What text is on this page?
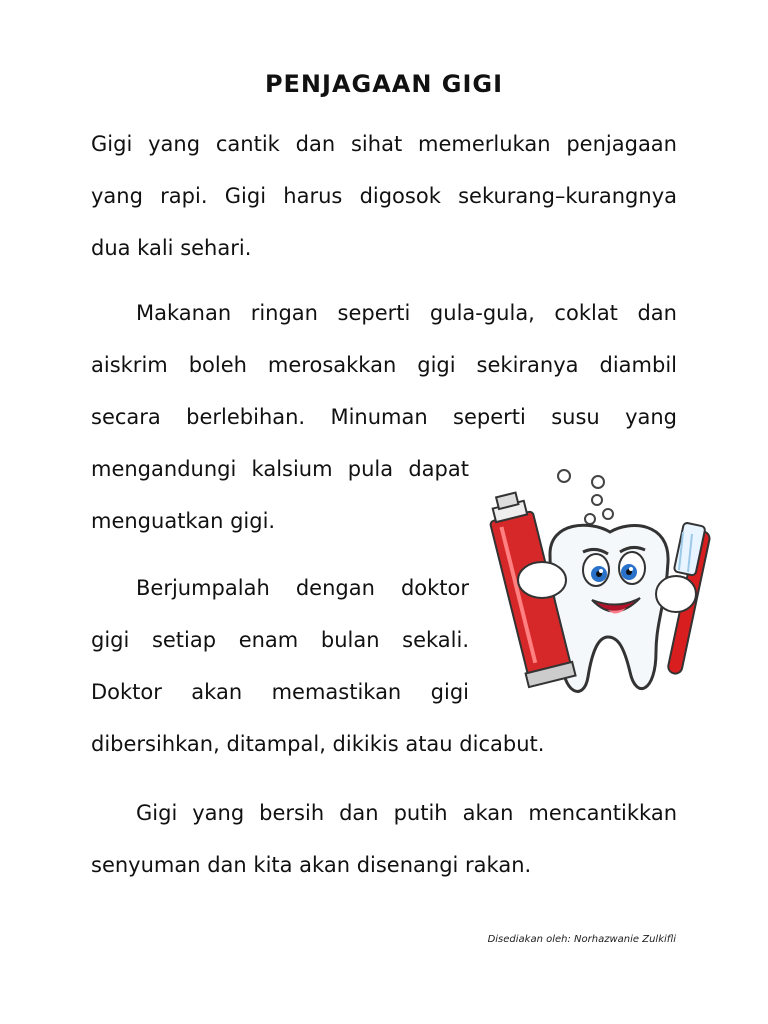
PENJAGAAN GIGI
Gigi yang cantik dan sihat memerlukan penjagaan
yang rapi. Gigi harus digosok sekurang–kurangnya
dua kali sehari.
Makanan ringan seperti gula-gula, coklat dan
aiskrim boleh merosakkan gigi sekiranya diambil
secara berlebihan. Minuman seperti susu yang
mengandungi kalsium pula dapat
menguatkan gigi.
Berjumpalah dengan doktor
gigi setiap enam bulan sekali.
Doktor akan memastikan gigi
dibersihkan, ditampal, dikikis atau dicabut.
Gigi yang bersih dan putih akan mencantikkan
senyuman dan kita akan disenangi rakan.
Disediakan oleh: Norhazwanie Zulkifli
